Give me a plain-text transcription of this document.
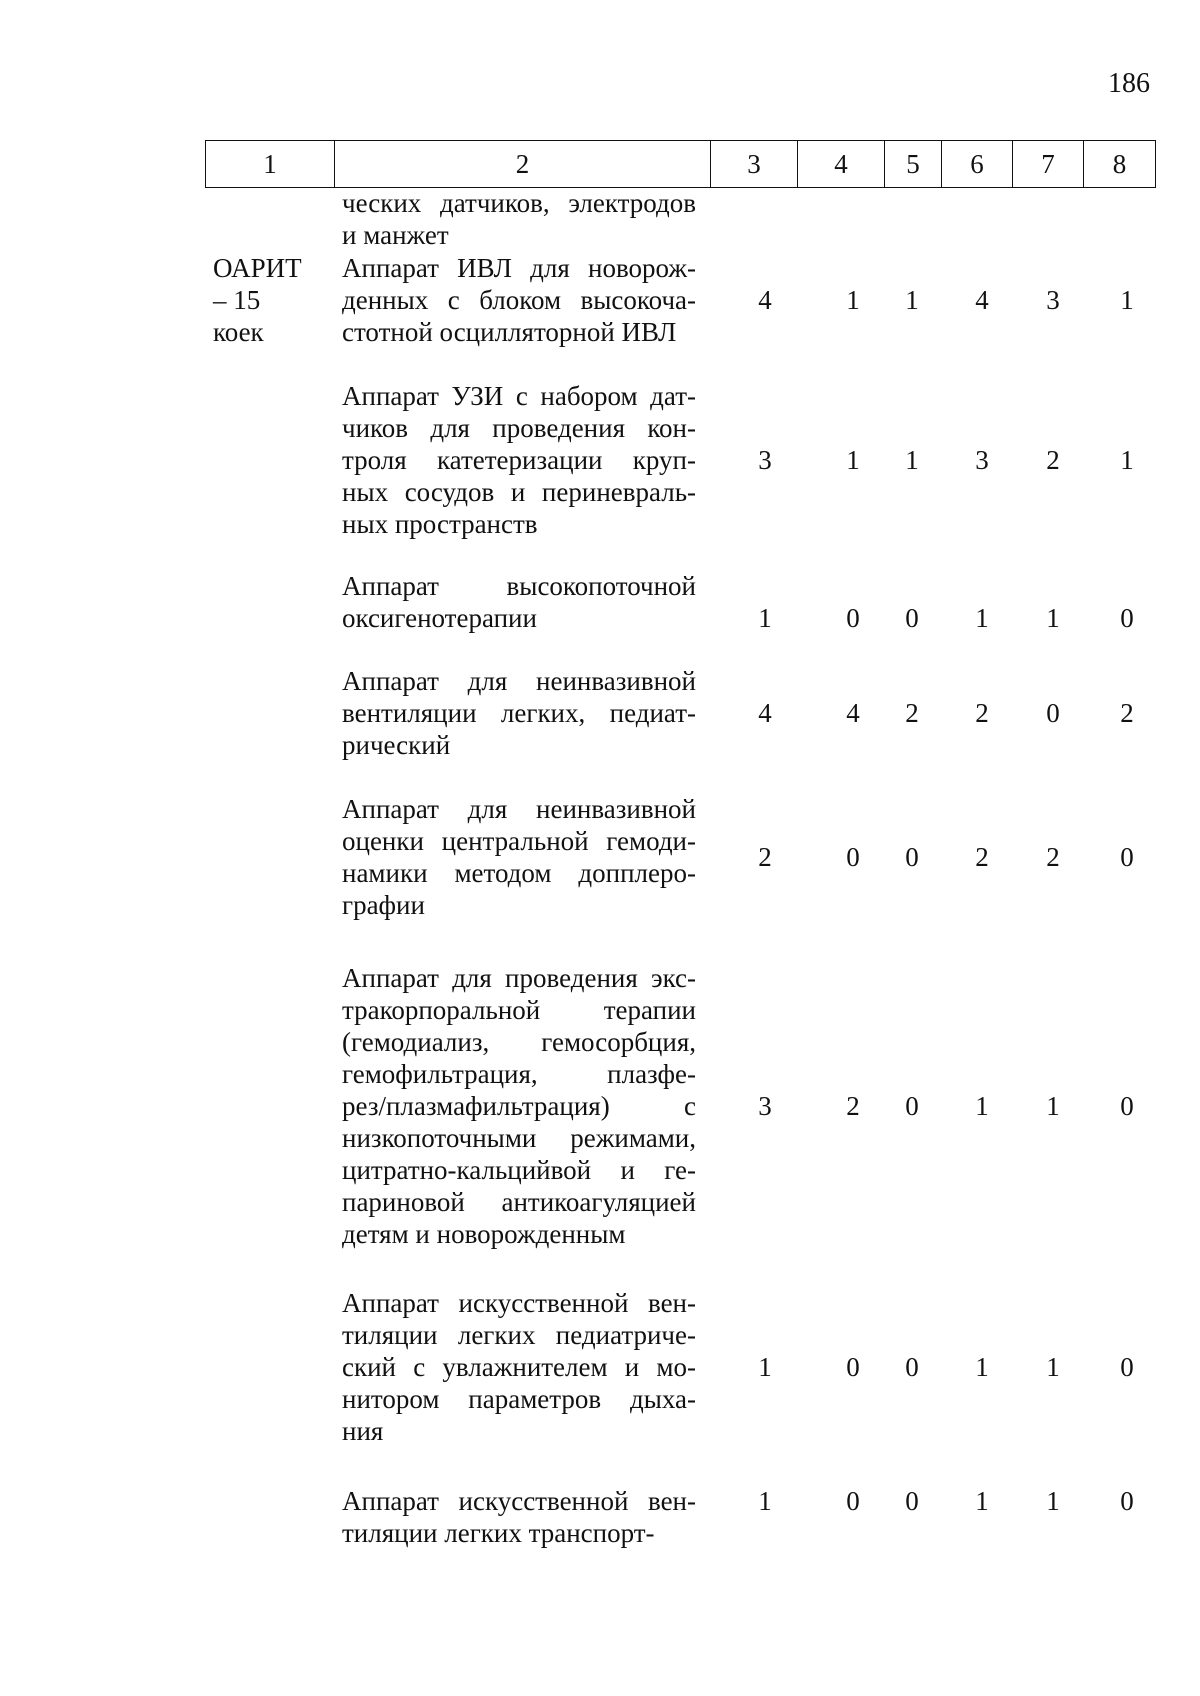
186
1	2	3	4	5	6	7	8
ОАРИТ
– 15
коек
ческих датчиков, электродов
и манжет
Аппарат ИВЛ для новорож-
денных с блоком высокоча-
стотной осцилляторной ИВЛ
4	1	1	4	3	1
Аппарат УЗИ с набором дат-
чиков для проведения кон-
троля катетеризации круп-
ных сосудов и периневраль-
ных пространств
3	1	1	3	2	1
Аппарат высокопоточной
оксигенотерапии	1	0	0	1	1	0
Аппарат для неинвазивной
вентиляции легких, педиат-
рический
4	4	2	2	0	2
Аппарат для неинвазивной
оценки центральной гемоди-
намики методом допплеро-
графии
2	0	0	2	2	0
Аппарат для проведения экс-
тракорпоральной терапии
(гемодиализ, гемосорбция,
гемофильтрация, плазфе-
рез/плазмафильтрация) с
низкопоточными режимами,
цитратно-кальцийвой и ге-
париновой антикоагуляцией
детям и новорожденным
3	2	0	1	1	0
Аппарат искусственной вен-
тиляции легких педиатриче-
ский с увлажнителем и мо-
нитором параметров дыха-
ния
1	0	0	1	1	0
Аппарат искусственной вен-
тиляции легких транспорт-
1	0	0	1	1	0
